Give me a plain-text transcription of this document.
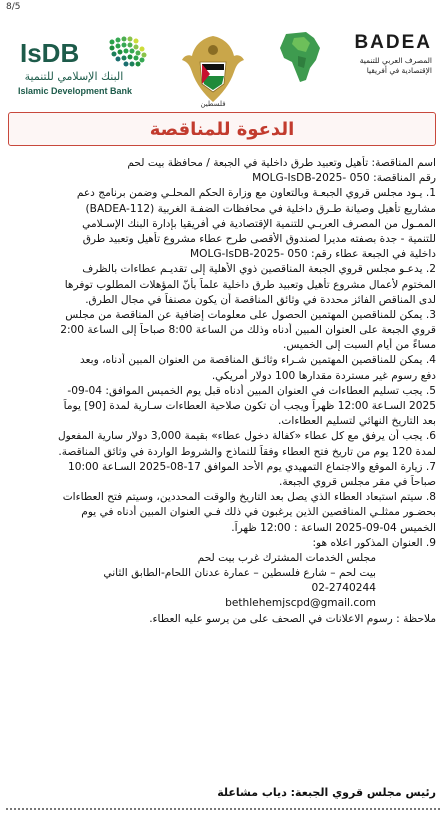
8/5
BADEA
المصرف العربي للتنمية الإقتصادية في أفريقيا
فلسطين
IsDB
البنك الإسلامي للتنمية
Islamic Development Bank
الدعوة للمناقصة
اسم المناقصة: تأهيل وتعبيد طرق داخلية في الجبعة / محافظة بيت لحم
رقم المناقصة: MOLG-IsDB-2025- 050
1. يـود مجلس قروي الجبعـة وبالتعاون مع وزارة الحكم المحلـي وضمن برنامج دعم
مشاريع تأهيل وصيانة طـرق داخلية في محافظات الضفـة الغربية (BADEA-112)
الممـول من المصرف العربـي للتنمية الإقتصادية في أفريقيا بإدارة البنك الإسـلامي
للتنمية - جدة بصفته مديرا لصندوق الأقصى طرح عطاء مشروع تأهيل وتعبيد طرق
داخلية في الجبعة عطاء رقم: MOLG-IsDB-2025- 050
2. يدعـو مجلس قروي الجبعة المناقصين ذوي الأهلية إلى تقديـم عطاءات بالظرف
المختوم لأعمال مشروع تأهيل وتعبيد طرق داخلية علماً بأنّ المؤهلات المطلوب توفرها
لدى المناقص الفائز محددة في وثائق المناقصة أن يكون مصنفاً في مجال الطرق.
3. يمكن للمناقصين المهتمين الحصول على معلومات إضافية عن المناقصة من مجلس
قروي الجبعة على العنوان المبين أدناه وذلك من الساعة 8:00 صباحاً إلى الساعة 2:00
مساءً من أيام السبت إلى الخميس.
4. يمكن للمناقصين المهتمين شـراء وثائـق المناقصة من العنوان المبين أدناه، وبعد
دفع رسوم غير مستردة مقدارها 100 دولار أمريكي.
5. يجب تسليم العطاءات في العنوان المبين أدناه قبل يوم الخميس الموافق: 04-09-
2025 السـاعة 12:00 ظهراً ويجب أن تكون صلاحية العطاءات سـارية لمدة [90] يوماً
بعد التاريخ النهائي لتسليم العطاءات.
6. يجب أن يرفق مع كل عطاء «كفالة دخول عطاء» بقيمة 3,000 دولار سارية المفعول
لمدة 120 يوم من تاريخ فتح العطاء وفقاً للنماذج والشروط الواردة في وثائق المناقصة.
7. زيارة الموقع والاجتماع التمهيدي يوم الأحد الموافق 17-08-2025 السـاعة 10:00
صباحاً في مقر مجلس قروي الجبعة.
8. سيتم استبعاد العطاء الذي يصل بعد التاريخ والوقت المحددين، وسيتم فتح العطاءات
بحضـور ممثلـي المناقصين الذين يرغبون في ذلك فـي العنوان المبين أدناه في يوم
الخميس 04-09-2025 الساعة : 12:00 ظهراً.
9. العنوان المذكور اعلاه هو:
مجلس الخدمات المشترك غرب بيت لحم
بيت لحم – شارع فلسطين – عمارة عدنان اللحام-الطابق الثاني
02-2740244
bethlehemjscpd@gmail.com
ملاحظة : رسوم الاعلانات في الصحف على من يرسو عليه العطاء.
رئيس مجلس قروي الجبعة: دياب مشاعلة
